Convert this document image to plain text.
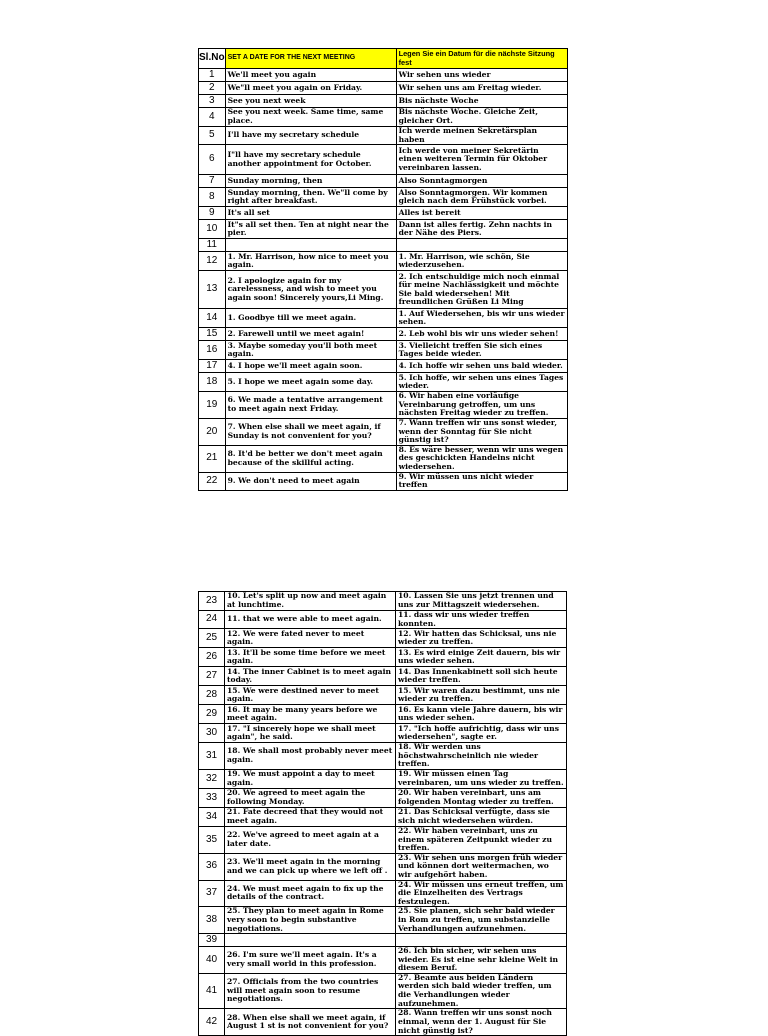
Sl.No	SET A DATE FOR THE NEXT MEETING	Legen Sie ein Datum für die nächste Sitzung fest
1	We'll meet you again	Wir sehen uns wieder
2	We"ll meet you again on Friday.	Wir sehen uns am Freitag wieder.
3	See you next week	Bis nächste Woche
4	See you next week. Same time, same place.	Bis nächste Woche. Gleiche Zeit, gleicher Ort.
5	I'll have my secretary schedule	Ich werde meinen Sekretärsplan haben
6	I"ll have my secretary schedule another appointment for October.	Ich werde von meiner Sekretärin einen weiteren Termin für Oktober vereinbaren lassen.
7	Sunday morning, then	Also Sonntagmorgen
8	Sunday morning, then. We"ll come by right after breakfast.	Also Sonntagmorgen. Wir kommen gleich nach dem Frühstück vorbei.
9	It's all set	Alles ist bereit
10	It"s all set then. Ten at night near the pier.	Dann ist alles fertig. Zehn nachts in der Nähe des Piers.
11		
12	1. Mr. Harrison, how nice to meet you again.	1. Mr. Harrison, wie schön, Sie wiederzusehen.
13	2. I apologize again for my carelessness, and wish to meet you again soon! Sincerely yours,Li Ming.	2. Ich entschuldige mich noch einmal für meine Nachlässigkeit und möchte Sie bald wiedersehen! Mit freundlichen Grüßen Li Ming
14	1. Goodbye till we meet again.	1. Auf Wiedersehen, bis wir uns wieder sehen.
15	2. Farewell until we meet again!	2. Leb wohl bis wir uns wieder sehen!
16	3. Maybe someday you'll both meet again.	3. Vielleicht treffen Sie sich eines Tages beide wieder.
17	4. I hope we'll meet again soon.	4. Ich hoffe wir sehen uns bald wieder.
18	5. I hope we meet again some day.	5. Ich hoffe, wir sehen uns eines Tages wieder.
19	6. We made a tentative arrangement to meet again next Friday.	6. Wir haben eine vorläufige Vereinbarung getroffen, um uns nächsten Freitag wieder zu treffen.
20	7. When else shall we meet again, if Sunday is not convenient for you?	7. Wann treffen wir uns sonst wieder, wenn der Sonntag für Sie nicht günstig ist?
21	8. It'd be better we don't meet again because of the skillful acting.	8. Es wäre besser, wenn wir uns wegen des geschickten Handelns nicht wiedersehen.
22	9. We don't need to meet again	9. Wir müssen uns nicht wieder treffen
23	10. Let's split up now and meet again at lunchtime.	10. Lassen Sie uns jetzt trennen und uns zur Mittagszeit wiedersehen.
24	11. that we were able to meet again.	11. dass wir uns wieder treffen konnten.
25	12. We were fated never to meet again.	12. Wir hatten das Schicksal, uns nie wieder zu treffen.
26	13. It'll be some time before we meet again.	13. Es wird einige Zeit dauern, bis wir uns wieder sehen.
27	14. The inner Cabinet is to meet again today.	14. Das Innenkabinett soll sich heute wieder treffen.
28	15. We were destined never to meet again.	15. Wir waren dazu bestimmt, uns nie wieder zu treffen.
29	16. It may be many years before we meet again.	16. Es kann viele Jahre dauern, bis wir uns wieder sehen.
30	17. "I sincerely hope we shall meet again", he said.	17. "Ich hoffe aufrichtig, dass wir uns wiedersehen", sagte er.
31	18. We shall most probably never meet again.	18. Wir werden uns höchstwahrscheinlich nie wieder treffen.
32	19. We must appoint a day to meet again.	19. Wir müssen einen Tag vereinbaren, um uns wieder zu treffen.
33	20. We agreed to meet again the following Monday.	20. Wir haben vereinbart, uns am folgenden Montag wieder zu treffen.
34	21. Fate decreed that they would not meet again.	21. Das Schicksal verfügte, dass sie sich nicht wiedersehen würden.
35	22. We've agreed to meet again at a later date.	22. Wir haben vereinbart, uns zu einem späteren Zeitpunkt wieder zu treffen.
36	23. We'll meet again in the morning and we can pick up where we left off .	23. Wir sehen uns morgen früh wieder und können dort weitermachen, wo wir aufgehört haben.
37	24. We must meet again to fix up the details of the contract.	24. Wir müssen uns erneut treffen, um die Einzelheiten des Vertrags festzulegen.
38	25. They plan to meet again in Rome very soon to begin substantive negotiations.	25. Sie planen, sich sehr bald wieder in Rom zu treffen, um substanzielle Verhandlungen aufzunehmen.
39		
40	26. I'm sure we'll meet again. It's a very small world in this profession.	26. Ich bin sicher, wir sehen uns wieder. Es ist eine sehr kleine Welt in diesem Beruf.
41	27. Officials from the two countries will meet again soon to resume negotiations.	27. Beamte aus beiden Ländern werden sich bald wieder treffen, um die Verhandlungen wieder aufzunehmen.
42	28. When else shall we meet again, if August 1 st is not convenient for you?	28. Wann treffen wir uns sonst noch einmal, wenn der 1. August für Sie nicht günstig ist?
